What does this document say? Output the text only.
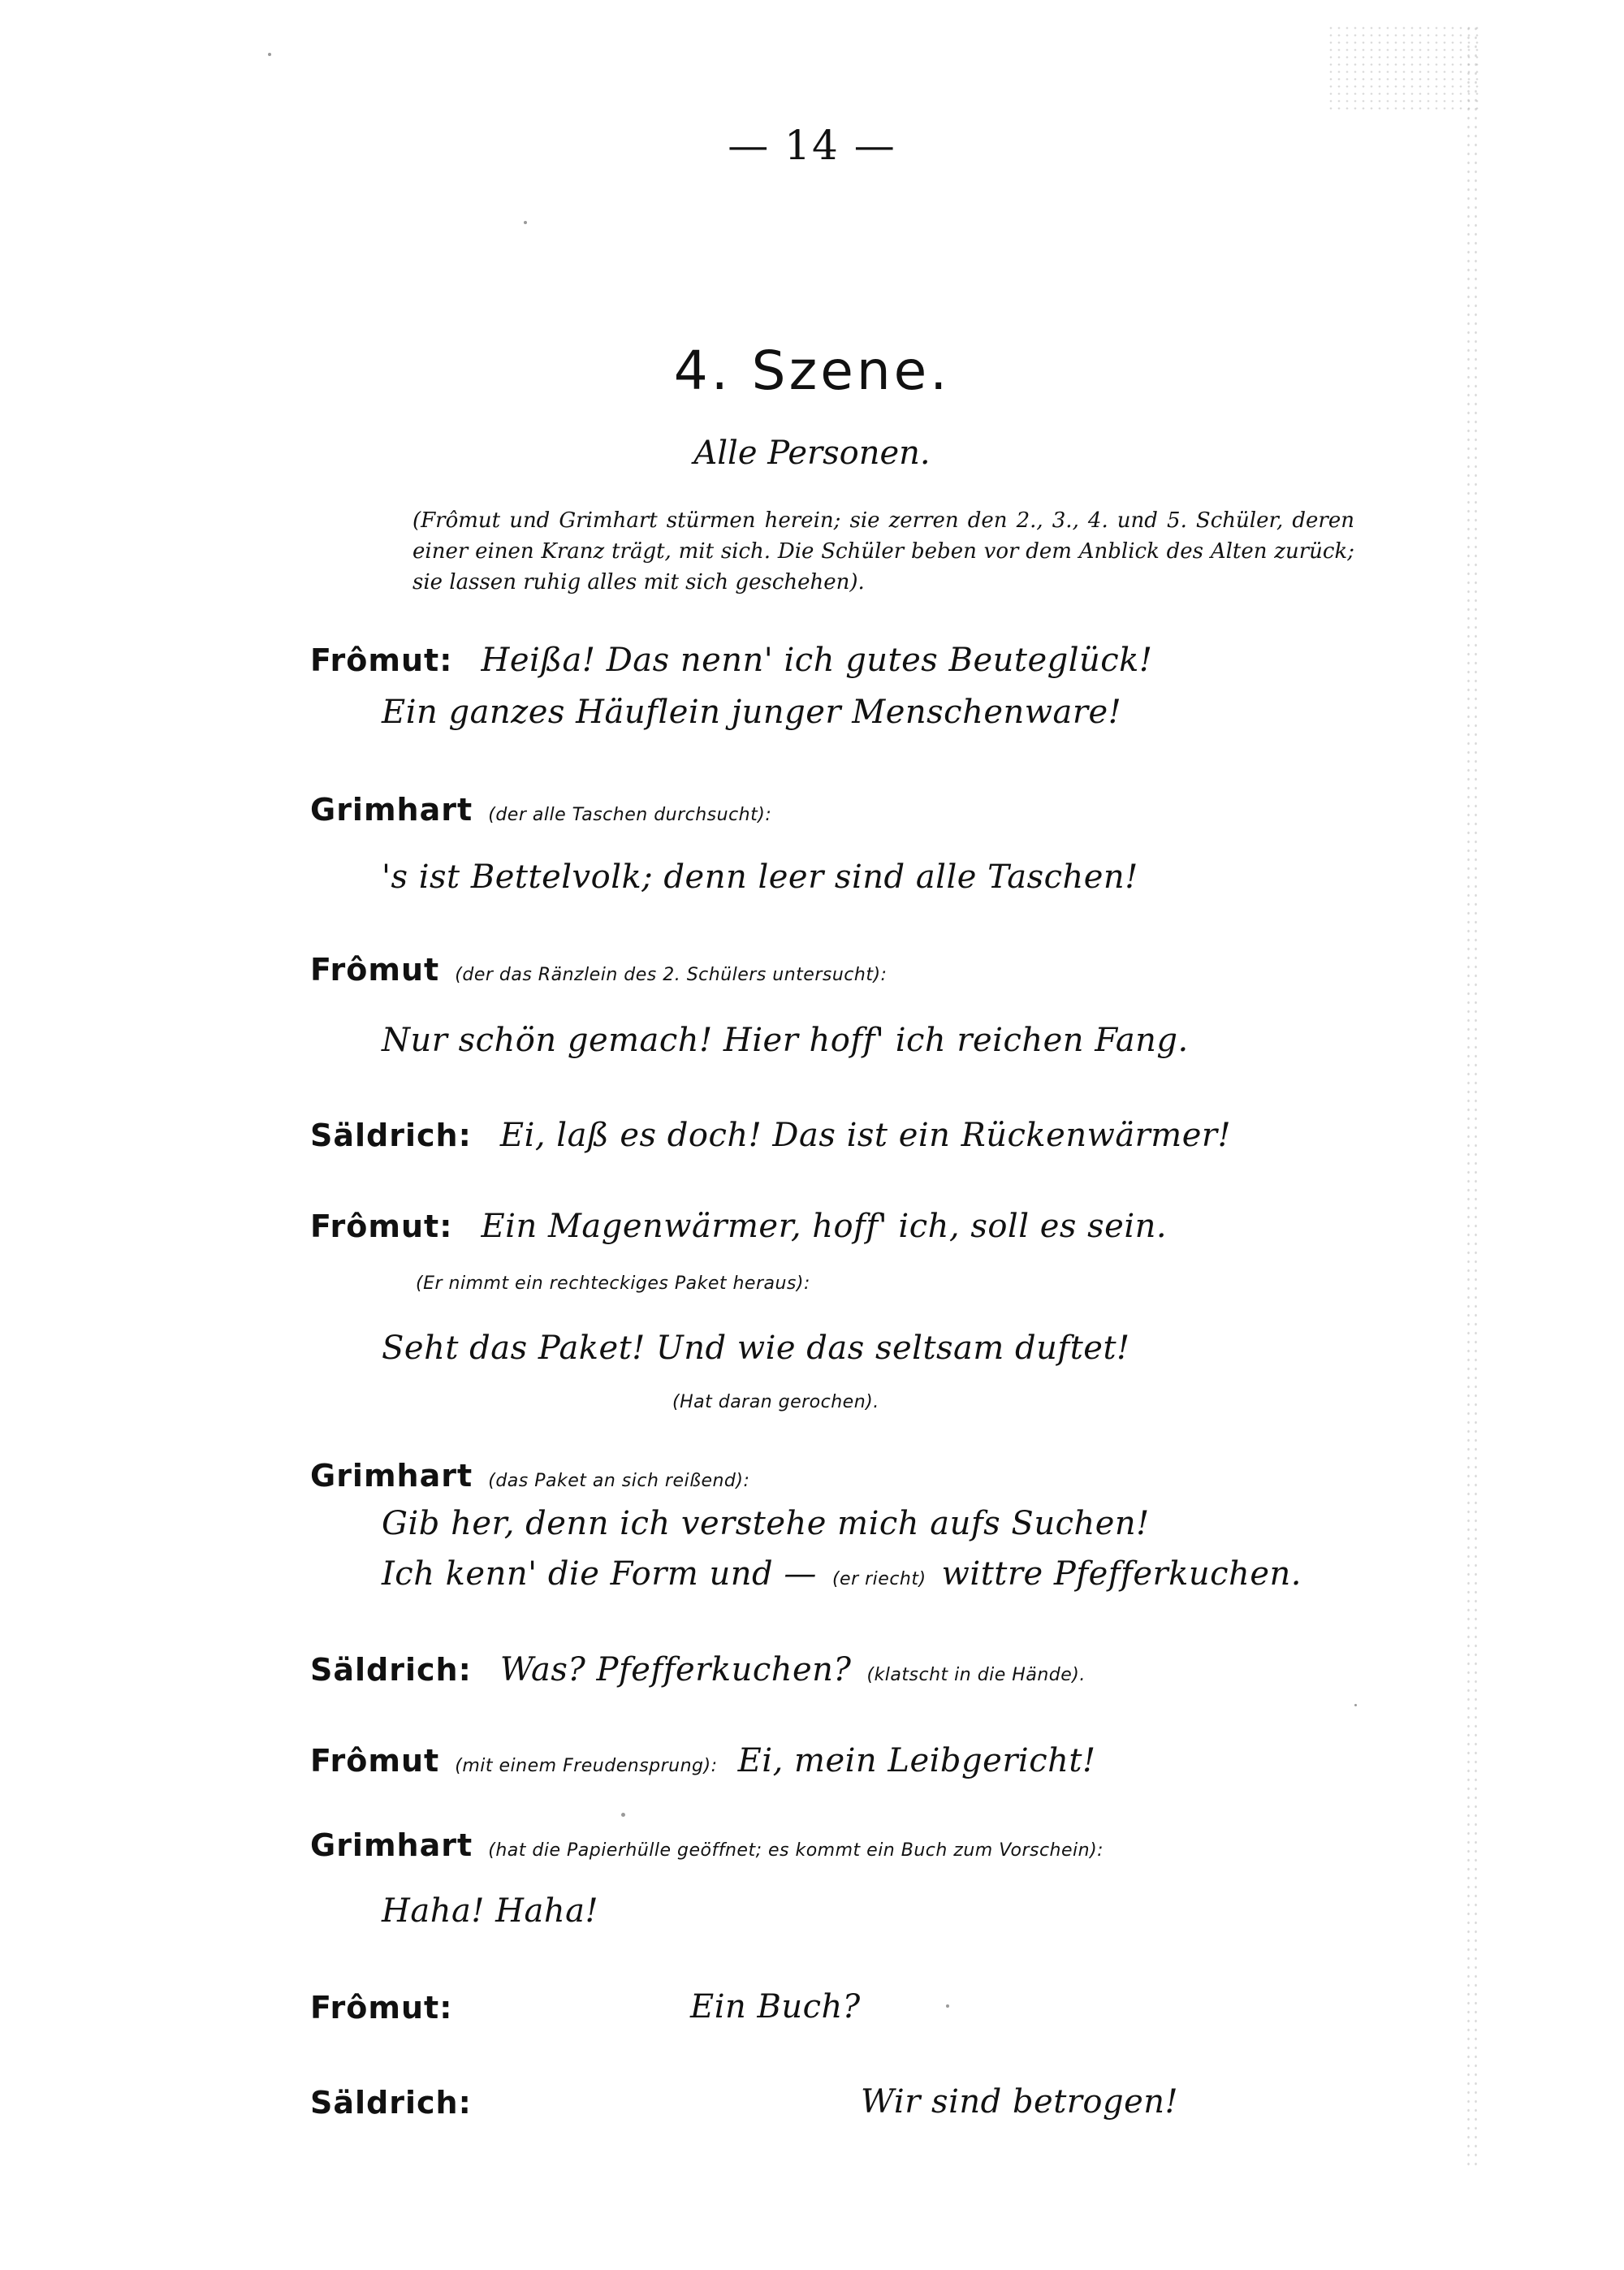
— 14 —
4. Szene.
Alle Personen.
(Frômut und Grimhart stürmen herein; sie zerren den 2., 3., 4. und 5. Schüler, deren einer einen Kranz trägt, mit sich. Die Schüler beben vor dem Anblick des Alten zurück; sie lassen ruhig alles mit sich geschehen).
Frômut: Heißa! Das nenn' ich gutes Beuteglück!
Ein ganzes Häuflein junger Menschenware!
Grimhart (der alle Taschen durchsucht):
's ist Bettelvolk; denn leer sind alle Taschen!
Frômut (der das Ränzlein des 2. Schülers untersucht):
Nur schön gemach! Hier hoff' ich reichen Fang.
Säldrich: Ei, laß es doch! Das ist ein Rückenwärmer!
Frômut: Ein Magenwärmer, hoff' ich, soll es sein.
(Er nimmt ein rechteckiges Paket heraus):
Seht das Paket! Und wie das seltsam duftet!
(Hat daran gerochen).
Grimhart (das Paket an sich reißend):
Gib her, denn ich verstehe mich aufs Suchen!
Ich kenn' die Form und — (er riecht) wittre Pfefferkuchen.
Säldrich: Was? Pfefferkuchen? (klatscht in die Hände).
Frômut (mit einem Freudensprung): Ei, mein Leibgericht!
Grimhart (hat die Papierhülle geöffnet; es kommt ein Buch zum Vorschein):
Haha! Haha!
Frômut:	Ein Buch?
Säldrich:	Wir sind betrogen!
